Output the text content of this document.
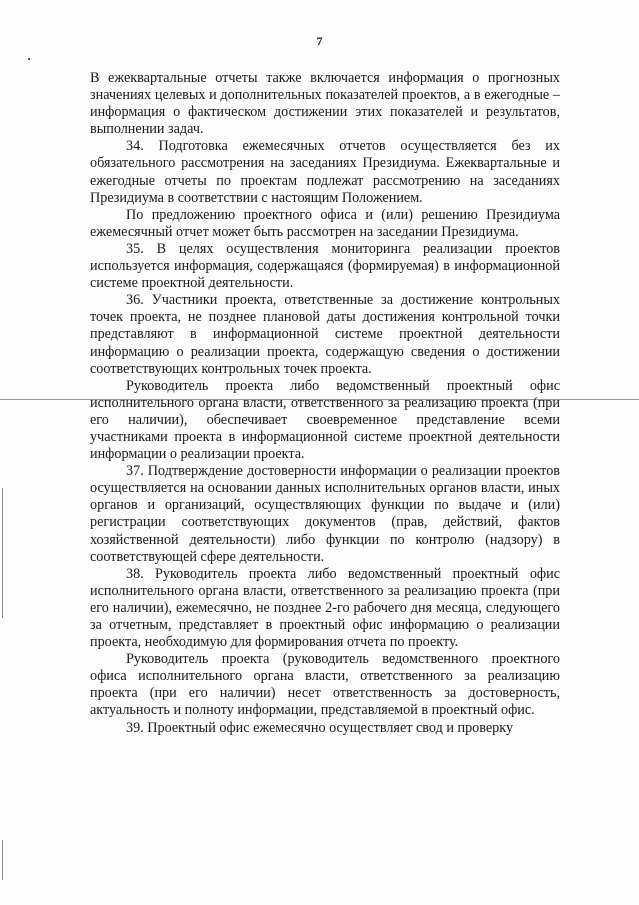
7

В ежеквартальные отчеты также включается информация о прогнозных значениях целевых и дополнительных показателей проектов, а в ежегодные – информация о фактическом достижении этих показателей и результатов, выполнении задач.

34. Подготовка ежемесячных отчетов осуществляется без их обязательного рассмотрения на заседаниях Президиума. Ежеквартальные и ежегодные отчеты по проектам подлежат рассмотрению на заседаниях Президиума в соответствии с настоящим Положением.

По предложению проектного офиса и (или) решению Президиума ежемесячный отчет может быть рассмотрен на заседании Президиума.

35. В целях осуществления мониторинга реализации проектов используется информация, содержащаяся (формируемая) в информационной системе проектной деятельности.

36. Участники проекта, ответственные за достижение контрольных точек проекта, не позднее плановой даты достижения контрольной точки представляют в информационной системе проектной деятельности информацию о реализации проекта, содержащую сведения о достижении соответствующих контрольных точек проекта.

Руководитель проекта либо ведомственный проектный офис исполнительного органа власти, ответственного за реализацию проекта (при его наличии), обеспечивает своевременное представление всеми участниками проекта в информационной системе проектной деятельности информации о реализации проекта.

37. Подтверждение достоверности информации о реализации проектов осуществляется на основании данных исполнительных органов власти, иных органов и организаций, осуществляющих функции по выдаче и (или) регистрации соответствующих документов (прав, действий, фактов хозяйственной деятельности) либо функции по контролю (надзору) в соответствующей сфере деятельности.

38. Руководитель проекта либо ведомственный проектный офис исполнительного органа власти, ответственного за реализацию проекта (при его наличии), ежемесячно, не позднее 2-го рабочего дня месяца, следующего за отчетным, представляет в проектный офис информацию о реализации проекта, необходимую для формирования отчета по проекту.

Руководитель проекта (руководитель ведомственного проектного офиса исполнительного органа власти, ответственного за реализацию проекта (при его наличии) несет ответственность за достоверность, актуальность и полноту информации, представляемой в проектный офис.

39. Проектный офис ежемесячно осуществляет свод и проверку
